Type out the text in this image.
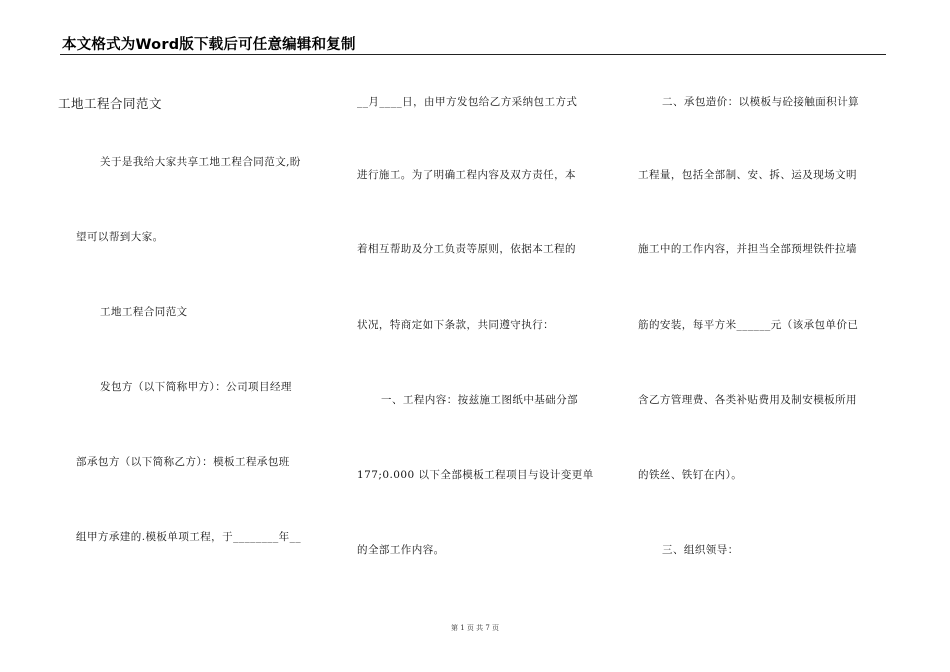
本文格式为Word版下载后可任意编辑和复制
工地工程合同范文
关于是我给大家共享工地工程合同范文,盼
望可以帮到大家。
工地工程合同范文
发包方（以下简称甲方）：公司项目经理
部承包方（以下简称乙方）：模板工程承包班
组甲方承建的.模板单项工程，于________年__
__月____日，由甲方发包给乙方采纳包工方式
进行施工。为了明确工程内容及双方责任，本
着相互帮助及分工负责等原则，依据本工程的
状况，特商定如下条款，共同遵守执行：
一、工程内容：按兹施工图纸中基础分部
177;0.000 以下全部模板工程项目与设计变更单
的全部工作内容。
二、承包造价：以模板与砼接触面积计算
工程量，包括全部制、安、拆、运及现场文明
施工中的工作内容，并担当全部预埋铁件拉墙
筋的安装，每平方米______元（该承包单价已
含乙方管理费、各类补贴费用及制安模板所用
的铁丝、铁钉在内）。
三、组织领导：
第 1 页 共 7 页
